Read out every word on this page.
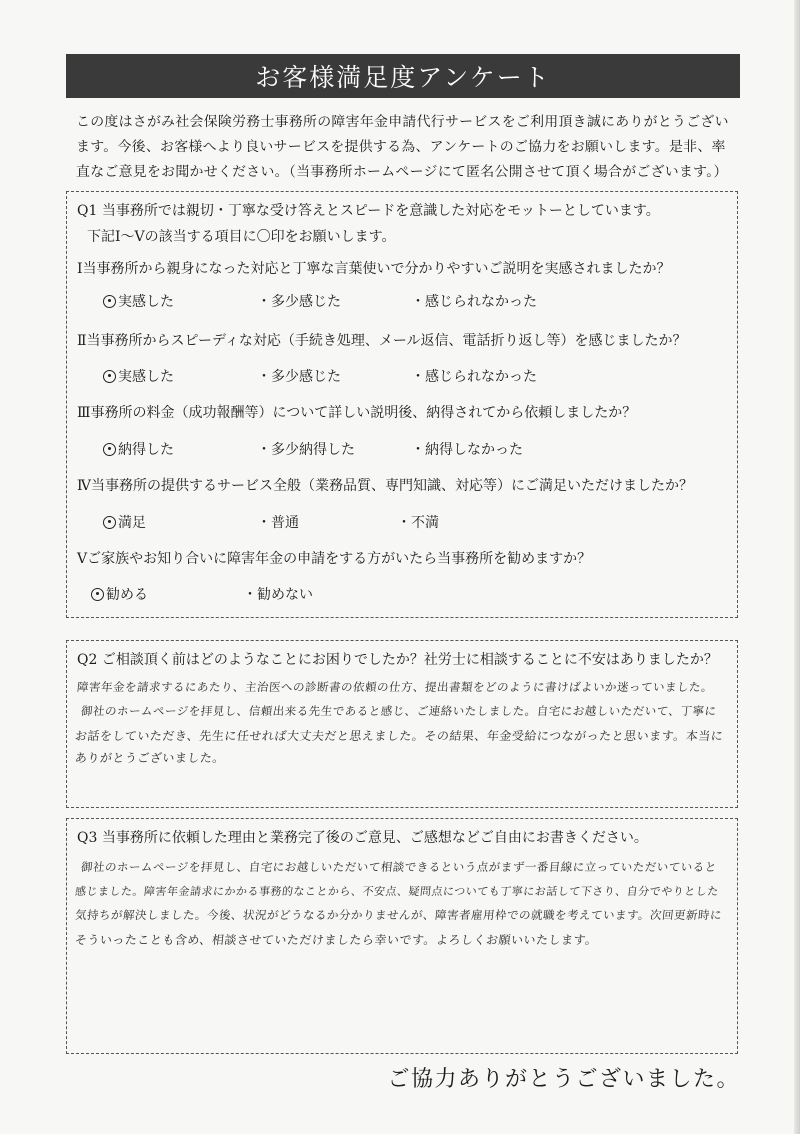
お客様満足度アンケート
この度はさがみ社会保険労務士事務所の障害年金申請代行サービスをご利用頂き誠にありがとうござい
ます。今後、お客様へより良いサービスを提供する為、アンケートのご協力をお願いします。是非、率
直なご意見をお聞かせください。（当事務所ホームページにて匿名公開させて頂く場合がございます。）
Q1 当事務所では親切・丁寧な受け答えとスピードを意識した対応をモットーとしています。
下記Ⅰ～Ⅴの該当する項目に〇印をお願いします。
Ⅰ当事務所から親身になった対応と丁寧な言葉使いで分かりやすいご説明を実感されましたか？
実感した	・ 多少感じた	・ 感じられなかった
Ⅱ当事務所からスピーディな対応（手続き処理、メール返信、電話折り返し等）を感じましたか？
実感した	・ 多少感じた	・ 感じられなかった
Ⅲ事務所の料金（成功報酬等）について詳しい説明後、納得されてから依頼しましたか？
納得した	・ 多少納得した	・ 納得しなかった
Ⅳ当事務所の提供するサービス全般（業務品質、専門知識、対応等）にご満足いただけましたか？
満足	・ 普通	・ 不満
Ⅴご家族やお知り合いに障害年金の申請をする方がいたら当事務所を勧めますか？
勧める	・ 勧めない
Q2 ご相談頂く前はどのようなことにお困りでしたか？社労士に相談することに不安はありましたか？
障害年金を請求するにあたり、主治医への診断書の依頼の仕方、提出書類をどのように書けばよいか迷っていました。
御社のホームページを拝見し、信頼出来る先生であると感じ、ご連絡いたしました。自宅にお越しいただいて、丁寧に
お話をしていただき、先生に任せれば大丈夫だと思えました。その結果、年金受給につながったと思います。本当に
ありがとうございました。
Q3 当事務所に依頼した理由と業務完了後のご意見、ご感想などご自由にお書きください。
御社のホームページを拝見し、自宅にお越しいただいて相談できるという点がまず一番目線に立っていただいていると
感じました。障害年金請求にかかる事務的なことから、不安点、疑問点についても丁寧にお話して下さり、自分でやりとした
気持ちが解決しました。今後、状況がどうなるか分かりませんが、障害者雇用枠での就職を考えています。次回更新時に
そういったことも含め、相談させていただけましたら幸いです。よろしくお願いいたします。
ご協力ありがとうございました。
